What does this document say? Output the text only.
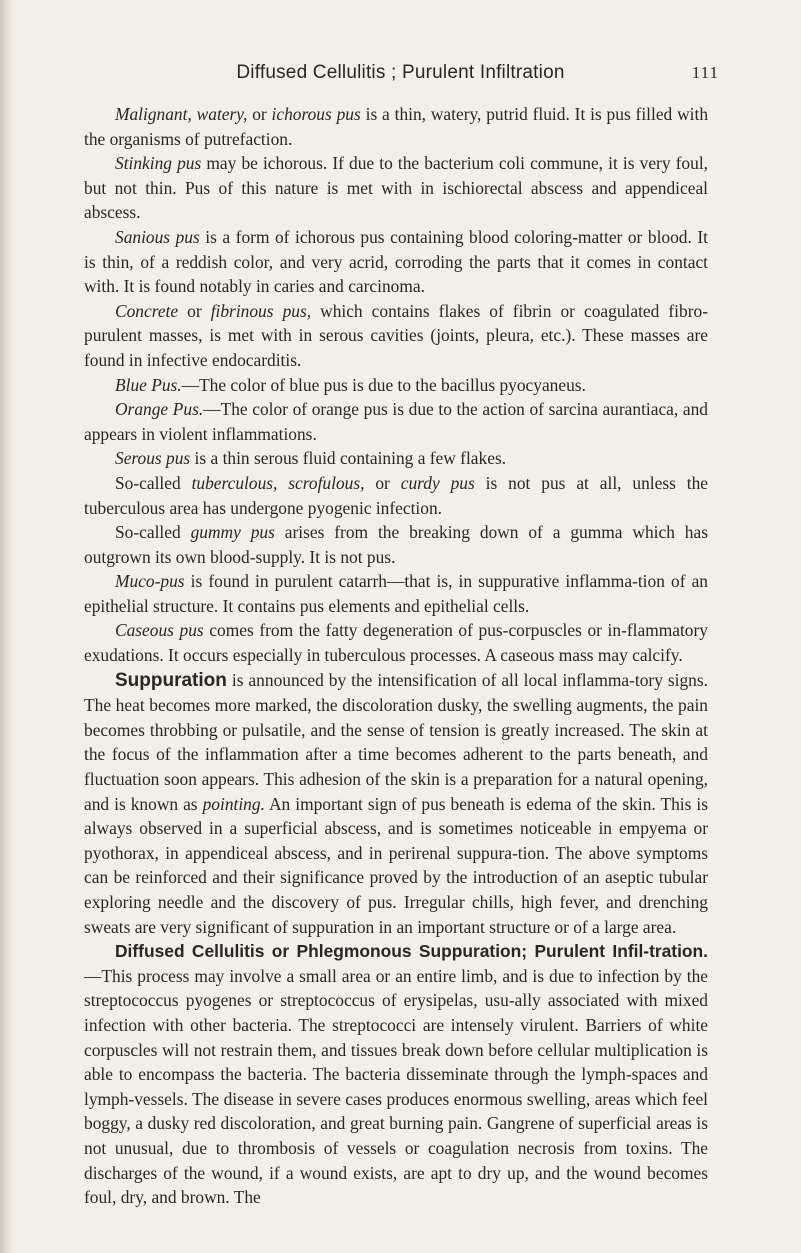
Diffused Cellulitis ; Purulent Infiltration	111

Malignant, watery, or ichorous pus is a thin, watery, putrid fluid. It is pus filled with the organisms of putrefaction.

Stinking pus may be ichorous. If due to the bacterium coli commune, it is very foul, but not thin. Pus of this nature is met with in ischiorectal abscess and appendiceal abscess.

Sanious pus is a form of ichorous pus containing blood coloring-matter or blood. It is thin, of a reddish color, and very acrid, corroding the parts that it comes in contact with. It is found notably in caries and carcinoma.

Concrete or fibrinous pus, which contains flakes of fibrin or coagulated fibro-purulent masses, is met with in serous cavities (joints, pleura, etc.). These masses are found in infective endocarditis.

Blue Pus.—The color of blue pus is due to the bacillus pyocyaneus.

Orange Pus.—The color of orange pus is due to the action of sarcina aurantiaca, and appears in violent inflammations.

Serous pus is a thin serous fluid containing a few flakes.

So-called tuberculous, scrofulous, or curdy pus is not pus at all, unless the tuberculous area has undergone pyogenic infection.

So-called gummy pus arises from the breaking down of a gumma which has outgrown its own blood-supply. It is not pus.

Muco-pus is found in purulent catarrh—that is, in suppurative inflamma-tion of an epithelial structure. It contains pus elements and epithelial cells.

Caseous pus comes from the fatty degeneration of pus-corpuscles or in-flammatory exudations. It occurs especially in tuberculous processes. A caseous mass may calcify.

Suppuration is announced by the intensification of all local inflamma-tory signs. The heat becomes more marked, the discoloration dusky, the swelling augments, the pain becomes throbbing or pulsatile, and the sense of tension is greatly increased. The skin at the focus of the inflammation after a time becomes adherent to the parts beneath, and fluctuation soon appears. This adhesion of the skin is a preparation for a natural opening, and is known as pointing. An important sign of pus beneath is edema of the skin. This is always observed in a superficial abscess, and is sometimes noticeable in empyema or pyothorax, in appendiceal abscess, and in perirenal suppura-tion. The above symptoms can be reinforced and their significance proved by the introduction of an aseptic tubular exploring needle and the discovery of pus. Irregular chills, high fever, and drenching sweats are very significant of suppuration in an important structure or of a large area.

Diffused Cellulitis or Phlegmonous Suppuration; Purulent Infil-tration.—This process may involve a small area or an entire limb, and is due to infection by the streptococcus pyogenes or streptococcus of erysipelas, usu-ally associated with mixed infection with other bacteria. The streptococci are intensely virulent. Barriers of white corpuscles will not restrain them, and tissues break down before cellular multiplication is able to encompass the bacteria. The bacteria disseminate through the lymph-spaces and lymph-vessels. The disease in severe cases produces enormous swelling, areas which feel boggy, a dusky red discoloration, and great burning pain. Gangrene of superficial areas is not unusual, due to thrombosis of vessels or coagulation necrosis from toxins. The discharges of the wound, if a wound exists, are apt to dry up, and the wound becomes foul, dry, and brown. The
